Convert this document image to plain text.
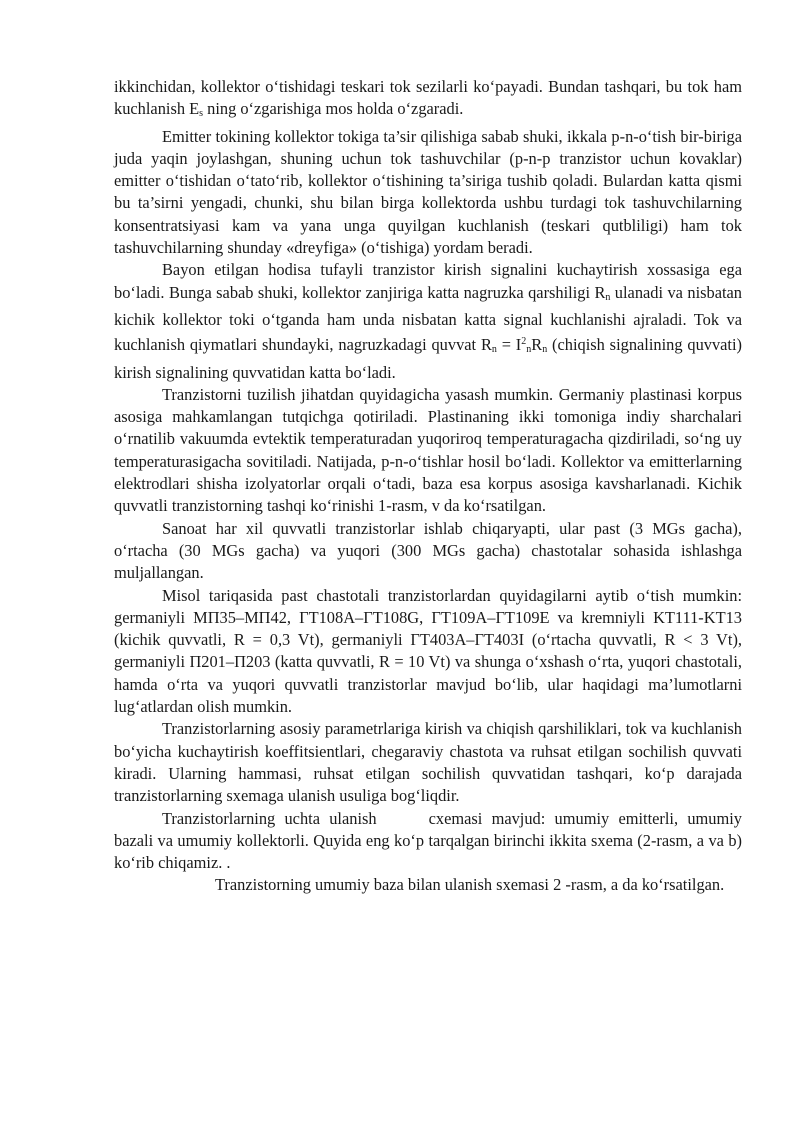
ikkinchidan, kollektor o‘tishidagi teskari tok sezilarli ko‘payadi. Bundan tashqari, bu tok ham kuchlanish $E_s$ ning o‘zgarishiga mos holda o‘zgaradi.

Emitter tokining kollektor tokiga ta’sir qilishiga sabab shuki, ikkala p-n-o‘tish bir-biriga juda yaqin joylashgan, shuning uchun tok tashuvchilar (p-n-p tranzistor uchun kovaklar) emitter o‘tishidan o‘tato‘rib, kollektor o‘tishining ta’siriga tushib qoladi. Bulardan katta qismi bu ta’sirni yengadi, chunki, shu bilan birga kollektorda ushbu turdagi tok tashuvchilarning konsentratsiyasi kam va yana unga quyilgan kuchlanish (teskari qutbliligi) ham tok tashuvchilarning shunday «dreyfiga» (o‘tishiga) yordam beradi.

Bayon etilgan hodisa tufayli tranzistor kirish signalini kuchaytirish xossasiga ega bo‘ladi. Bunga sabab shuki, kollektor zanjiriga katta nagruzka qarshiligi $R_n$ ulanadi va nisbatan kichik kollektor toki o‘tganda ham unda nisbatan katta signal kuchlanishi ajraladi. Tok va kuchlanish qiymatlari shundayki, nagruzkadagi quvvat $R_n = I^2_nR_n$ (chiqish signalining quvvati) kirish signalining quvvatidan katta bo‘ladi.

Tranzistorni tuzilish jihatdan quyidagicha yasash mumkin. Germaniy plastinasi korpus asosiga mahkamlangan tutqichga qotiriladi. Plastinaning ikki tomoniga indiy sharchalari o‘rnatilib vakuumda evtektik temperaturadan yuqoriroq temperaturagacha qizdiriladi, so‘ng uy temperaturasigacha sovitiladi. Natijada, p-n-o‘tishlar hosil bo‘ladi. Kollektor va emitterlarning elektrodlari shisha izolyatorlar orqali o‘tadi, baza esa korpus asosiga kavsharlanadi. Kichik quvvatli tranzistorning tashqi ko‘rinishi 1-rasm, v da ko‘rsatilgan.

Sanoat har xil quvvatli tranzistorlar ishlab chiqaryapti, ular past (3 MGs gacha), o‘rtacha (30 MGs gacha) va yuqori (300 MGs gacha) chastotalar sohasida ishlashga muljallangan.

Misol tariqasida past chastotali tranzistorlardan quyidagilarni aytib o‘tish mumkin: germaniyli MП35–MП42, ГT108A–ГT108G, ГT109A–ГT109E va kremniyli KT111-KT13 (kichik quvvatli, R = 0,3 Vt), germaniyli ГT403A–ГT403I (o‘rtacha quvvatli, R < 3 Vt), germaniyli П201–П203 (katta quvvatli, R = 10 Vt) va shunga o‘xshash o‘rta, yuqori chastotali, hamda o‘rta va yuqori quvvatli tranzistorlar mavjud bo‘lib, ular haqidagi ma’lumotlarni lug‘atlardan olish mumkin.

Tranzistorlarning asosiy parametrlariga kirish va chiqish qarshiliklari, tok va kuchlanish bo‘yicha kuchaytirish koeffitsientlari, chegaraviy chastota va ruhsat etilgan sochilish quvvati kiradi. Ularning hammasi, ruhsat etilgan sochilish quvvatidan tashqari, ko‘p darajada tranzistorlarning sxemaga ulanish usuliga bog‘liqdir.

Tranzistorlarning uchta ulanish	cxemasi mavjud: umumiy emitterli, umumiy bazali va umumiy kollektorli. Quyida eng ko‘p tarqalgan birinchi ikkita sxema (2-rasm, a va b) ko‘rib chiqamiz. .

Tranzistorning umumiy baza bilan ulanish sxemasi 2 -rasm, a da ko‘rsatilgan.
